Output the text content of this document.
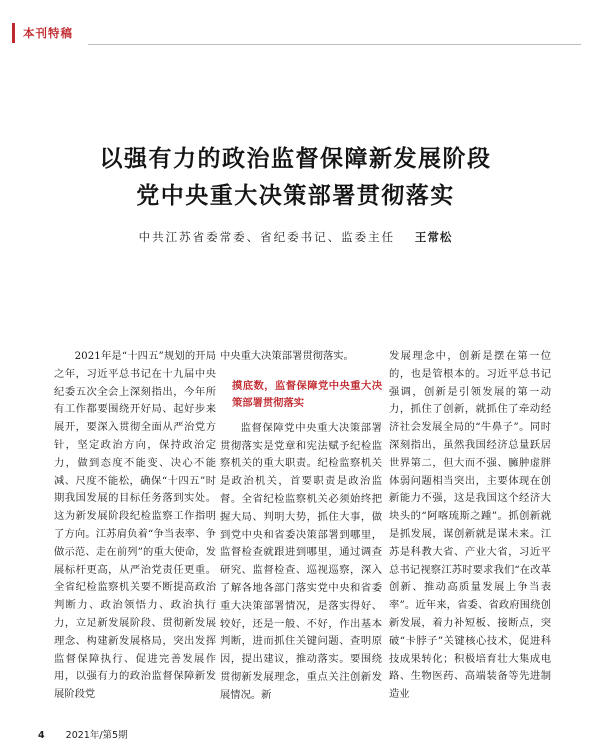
本刊特稿
以强有力的政治监督保障新发展阶段
党中央重大决策部署贯彻落实
中共江苏省委常委、省纪委书记、监委主任 王常松

2021年是“十四五”规划的开局之年，习近平总书记在十九届中央纪委五次全会上深刻指出，今年所有工作都要围绕开好局、起好步来展开，要深入贯彻全面从严治党方针，坚定政治方向，保持政治定力，做到态度不能变、决心不能减、尺度不能松，确保“十四五”时期我国发展的目标任务落到实处。这为新发展阶段纪检监察工作指明了方向。江苏肩负着“争当表率、争做示范、走在前列”的重大使命，发展标杆更高，从严治党责任更重。全省纪检监察机关要不断提高政治判断力、政治领悟力、政治执行力，立足新发展阶段、贯彻新发展理念、构建新发展格局，突出发挥监督保障执行、促进完善发展作用，以强有力的政治监督保障新发展阶段党

中央重大决策部署贯彻落实。

摸底数，监督保障党中央重大决策部署贯彻落实

监督保障党中央重大决策部署贯彻落实是党章和宪法赋予纪检监察机关的重大职责。纪检监察机关是政治机关，首要职责是政治监督。全省纪检监察机关必须始终把握大局、判明大势，抓住大事，做到党中央和省委决策部署到哪里，监督检查就跟进到哪里，通过调查研究、监督检查、巡视巡察，深入了解各地各部门落实党中央和省委重大决策部署情况，是落实得好、较好，还是一般、不好，作出基本判断，进而抓住关键问题、查明原因，提出建议，推动落实。要围绕贯彻新发展理念，重点关注创新发展情况。新

发展理念中，创新是摆在第一位的，也是管根本的。习近平总书记强调，创新是引领发展的第一动力，抓住了创新，就抓住了牵动经济社会发展全局的“牛鼻子”。同时深刻指出，虽然我国经济总量跃居世界第二，但大而不强、臃肿虚胖体弱问题相当突出，主要体现在创新能力不强，这是我国这个经济大块头的“阿喀琉斯之踵”。抓创新就是抓发展，谋创新就是谋未来。江苏是科教大省、产业大省，习近平总书记视察江苏时要求我们“在改革创新、推动高质量发展上争当表率”。近年来，省委、省政府围绕创新发展，着力补短板、接断点，突破“卡脖子”关键核心技术，促进科技成果转化；积极培育壮大集成电路、生物医药、高端装备等先进制造业

4 2021年/第5期
